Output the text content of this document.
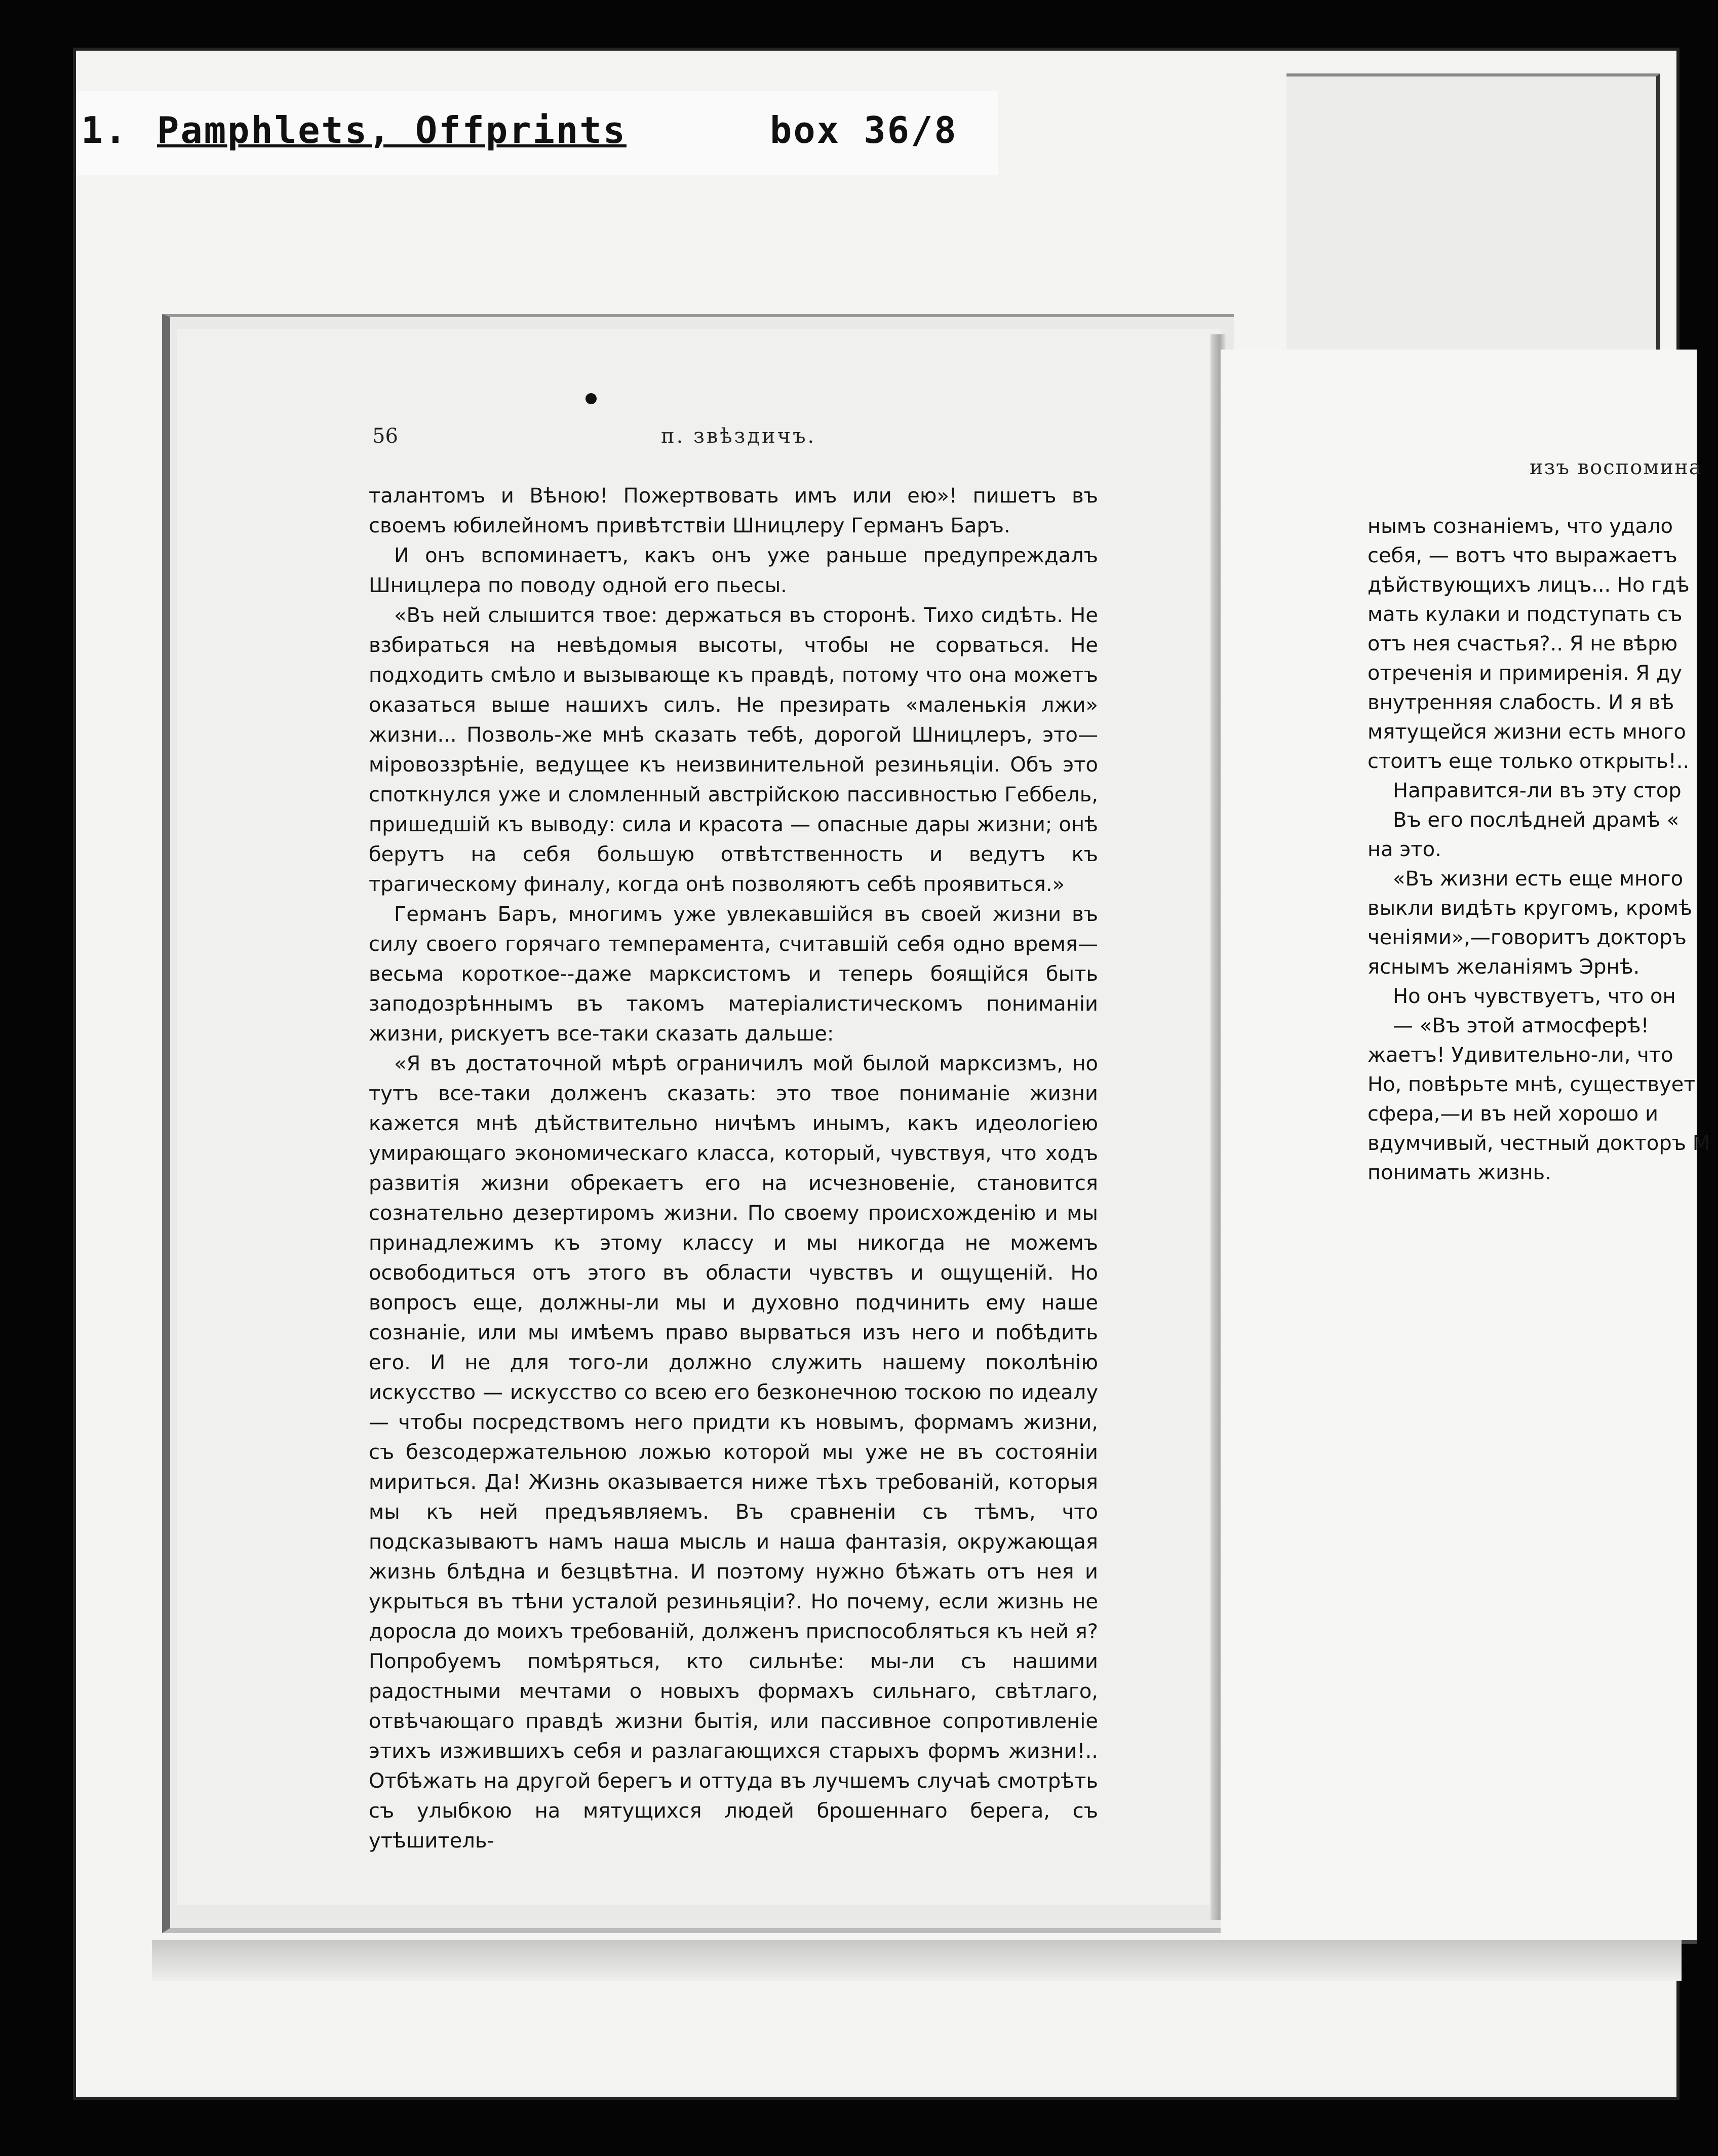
1. Pamphlets, Offprints	box 36/8
56	п. звѣздичъ.

талантомъ и Вѣною! Пожертвовать имъ или ею»! пишетъ въ своемъ юбилейномъ привѣтствіи Шницлеру Германъ Баръ.

И онъ вспоминаетъ, какъ онъ уже раньше предупреждалъ Шницлера по поводу одной его пьесы.

«Въ ней слышится твое: держаться въ сторонѣ. Тихо сидѣть. Не взбираться на невѣдомыя высоты, чтобы не сорваться. Не подходить смѣло и вызывающе къ правдѣ, потому что она можетъ оказаться выше нашихъ силъ. Не презирать «маленькія лжи» жизни... Позволь-же мнѣ сказать тебѣ, дорогой Шницлеръ, это— міровоззрѣніе, ведущее къ неизвинительной резиньяціи. Объ это споткнулся уже и сломленный австрійскою пассивностью Геббель, пришедшій къ выводу: сила и красота — опасные дары жизни; онѣ берутъ на себя большую отвѣтственность и ведутъ къ трагическому финалу, когда онѣ позволяютъ себѣ проявиться.»

Германъ Баръ, многимъ уже увлекавшійся въ своей жизни въ силу своего горячаго темперамента, считавшій себя одно время— весьма короткое--даже марксистомъ и теперь боящійся быть заподозрѣннымъ въ такомъ матеріалистическомъ пониманіи жизни, рискуетъ все-таки сказать дальше:

«Я въ достаточной мѣрѣ ограничилъ мой былой марксизмъ, но тутъ все-таки долженъ сказать: это твое пониманіе жизни кажется мнѣ дѣйствительно ничѣмъ инымъ, какъ идеологіею умирающаго экономическаго класса, который, чувствуя, что ходъ развитія жизни обрекаетъ его на исчезновеніе, становится сознательно дезертиромъ жизни. По своему происхожденію и мы принадлежимъ къ этому классу и мы никогда не можемъ освободиться отъ этого въ области чувствъ и ощущеній. Но вопросъ еще, должны-ли мы и духовно подчинить ему наше сознаніе, или мы имѣемъ право вырваться изъ него и побѣдить его. И не для того-ли должно служить нашему поколѣнію искусство — искусство со всею его безконечною тоскою по идеалу— чтобы посредствомъ него придти къ новымъ, формамъ жизни, съ безсодержательною ложью которой мы уже не въ состояніи мириться. Да! Жизнь оказывается ниже тѣхъ требованій, которыя мы къ ней предъявляемъ. Въ сравненіи съ тѣмъ, что подсказываютъ намъ наша мысль и наша фантазія, окружающая жизнь блѣдна и безцвѣтна. И поэтому нужно бѣжать отъ нея и укрыться въ тѣни усталой резиньяціи?. Но почему, если жизнь не доросла до моихъ требованій, долженъ приспособляться къ ней я? Попробуемъ помѣряться, кто сильнѣе: мы-ли съ нашими радостными мечтами о новыхъ формахъ сильнаго, свѣтлаго, отвѣчающаго правдѣ жизни бытія, или пассивное сопротивленіе этихъ изжившихъ себя и разлагающихся старыхъ формъ жизни!.. Отбѣжать на другой берегъ и оттуда въ лучшемъ случаѣ смотрѣть съ улыбкою на мятущихся людей брошеннаго берега, съ утѣшитель-

изъ воспомина
нымъ сознаніемъ, что удало
себя, — вотъ что выражаетъ
дѣйствующихъ лицъ... Но гдѣ
мать кулаки и подступать съ
отъ нея счастья?.. Я не вѣрю
отреченія и примиренія. Я ду
внутренняя слабость. И я вѣ
мятущейся жизни есть много
стоитъ еще только открыть!..
Направится-ли въ эту стор
Въ его послѣдней драмѣ «
на это.
«Въ жизни есть еще много
выкли видѣть кругомъ, кромѣ
ченіями»,—говоритъ докторъ
яснымъ желаніямъ Эрнѣ.
Но онъ чувствуетъ, что он
— «Въ этой атмосферѣ!
жаетъ! Удивительно-ли, что
Но, повѣрьте мнѣ, существует
сфера,—и въ ней хорошо и
вдумчивый, честный докторъ М
понимать жизнь.
